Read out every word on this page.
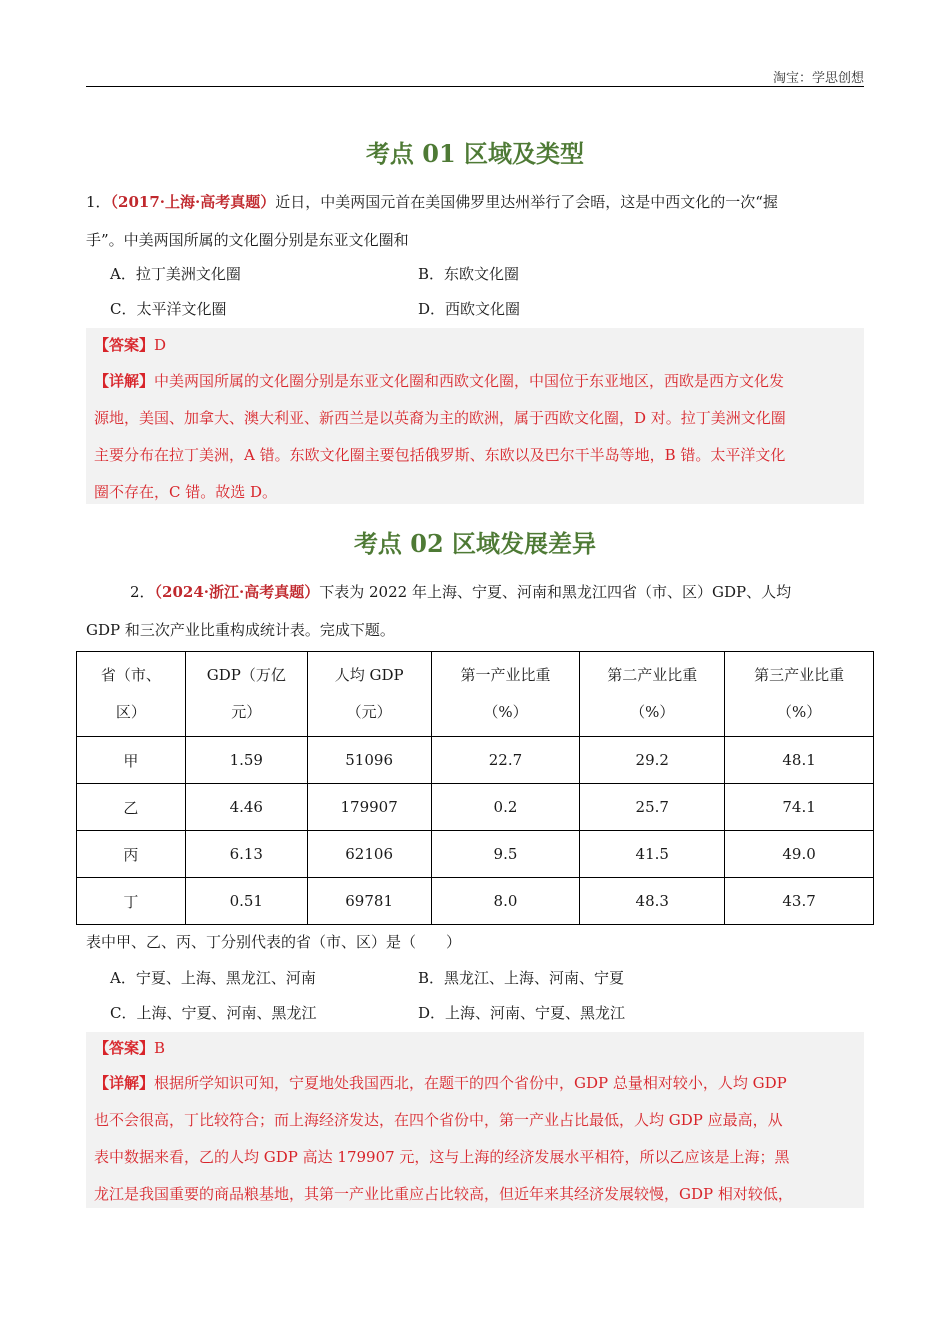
淘宝：学思创想
考点 01 区域及类型
1．（2017·上海·高考真题）近日，中美两国元首在美国佛罗里达州举行了会晤，这是中西文化的一次“握
手”。中美两国所属的文化圈分别是东亚文化圈和
A．拉丁美洲文化圈	B．东欧文化圈
C．太平洋文化圈	D．西欧文化圈
【答案】D
【详解】中美两国所属的文化圈分别是东亚文化圈和西欧文化圈，中国位于东亚地区，西欧是西方文化发
源地，美国、加拿大、澳大利亚、新西兰是以英裔为主的欧洲，属于西欧文化圈，D 对。拉丁美洲文化圈
主要分布在拉丁美洲，A 错。东欧文化圈主要包括俄罗斯、东欧以及巴尔干半岛等地，B 错。太平洋文化
圈不存在，C 错。故选 D。
考点 02 区域发展差异
2．（2024·浙江·高考真题）下表为 2022 年上海、宁夏、河南和黑龙江四省（市、区）GDP、人均
GDP 和三次产业比重构成统计表。完成下题。
省（市、
区）	GDP（万亿
元）	人均 GDP
（元）	第一产业比重
（%）	第二产业比重
（%）	第三产业比重
（%）
甲	1.59	51096	22.7	29.2	48.1
乙	4.46	179907	0.2	25.7	74.1
丙	6.13	62106	9.5	41.5	49.0
丁	0.51	69781	8.0	48.3	43.7
表中甲、乙、丙、丁分别代表的省（市、区）是（　　）
A．宁夏、上海、黑龙江、河南	B．黑龙江、上海、河南、宁夏
C．上海、宁夏、河南、黑龙江	D．上海、河南、宁夏、黑龙江
【答案】B
【详解】根据所学知识可知，宁夏地处我国西北，在题干的四个省份中，GDP 总量相对较小，人均 GDP
也不会很高，丁比较符合；而上海经济发达，在四个省份中，第一产业占比最低，人均 GDP 应最高，从
表中数据来看，乙的人均 GDP 高达 179907 元，这与上海的经济发展水平相符，所以乙应该是上海；黑
龙江是我国重要的商品粮基地，其第一产业比重应占比较高，但近年来其经济发展较慢，GDP 相对较低，
